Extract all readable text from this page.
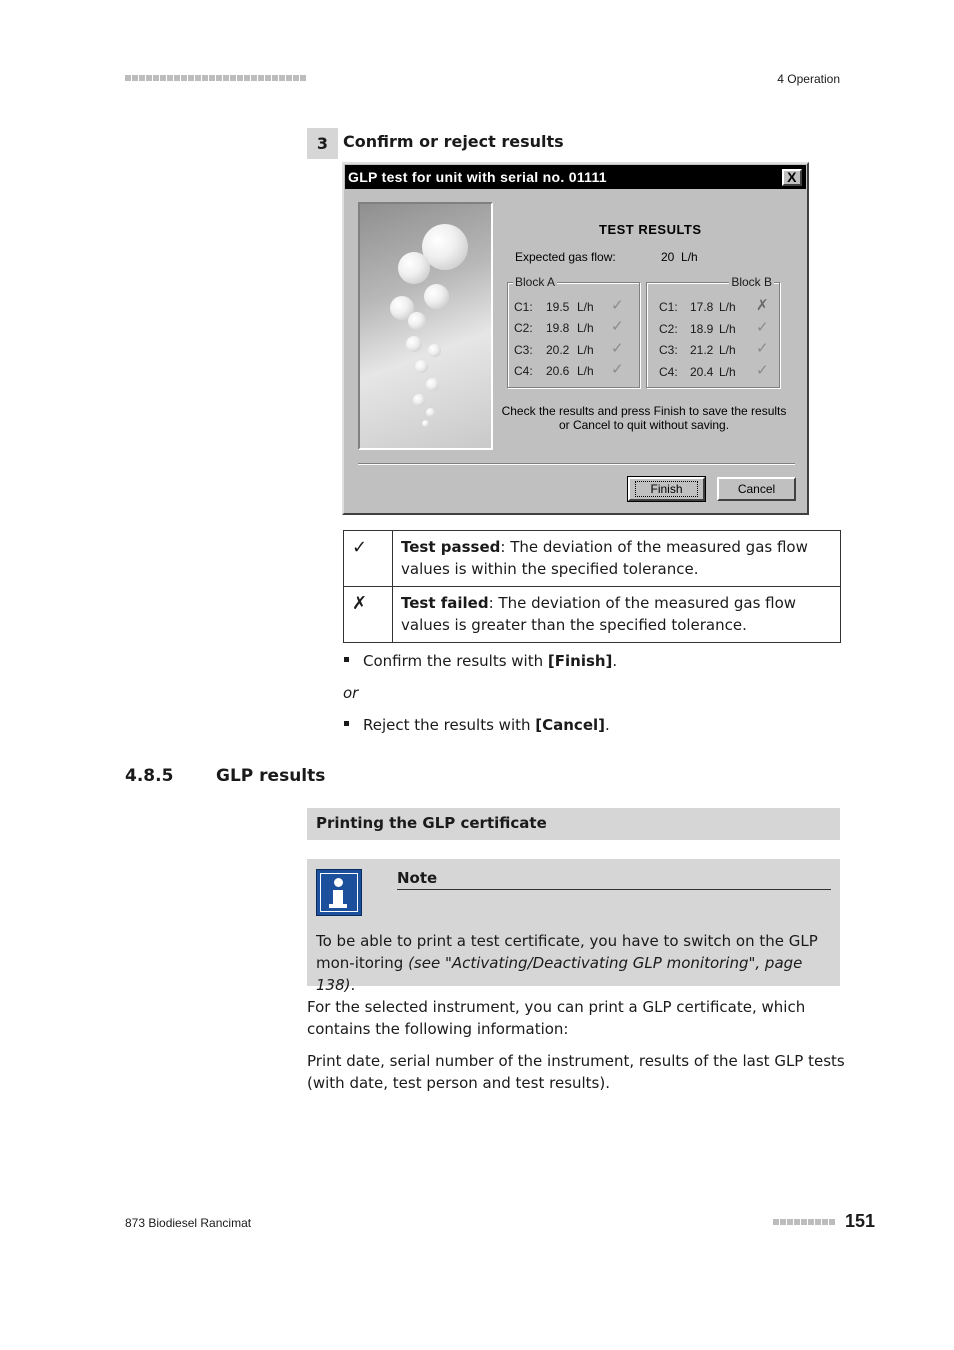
4 Operation
3 Confirm or reject results
GLP test for unit with serial no. 01111	X
TEST RESULTS
Expected gas flow:	20  L/h
Block A
C1: 19.5 L/h ✓
C2: 19.8 L/h ✓
C3: 20.2 L/h ✓
C4: 20.6 L/h ✓
Block B
C1: 17.8 L/h ✗
C2: 18.9 L/h ✓
C3: 21.2 L/h ✓
C4: 20.4 L/h ✓
Check the results and press Finish to save the results
or Cancel to quit without saving.
Finish	Cancel
✓	Test passed: The deviation of the measured gas flow values is within the specified tolerance.
✗	Test failed: The deviation of the measured gas flow values is greater than the specified tolerance.
Confirm the results with [Finish].
or
Reject the results with [Cancel].
4.8.5	GLP results
Printing the GLP certificate
Note
To be able to print a test certificate, you have to switch on the GLP mon-itoring (see "Activating/Deactivating GLP monitoring", page 138).
For the selected instrument, you can print a GLP certificate, which contains the following information:
Print date, serial number of the instrument, results of the last GLP tests (with date, test person and test results).
873 Biodiesel Rancimat	151
